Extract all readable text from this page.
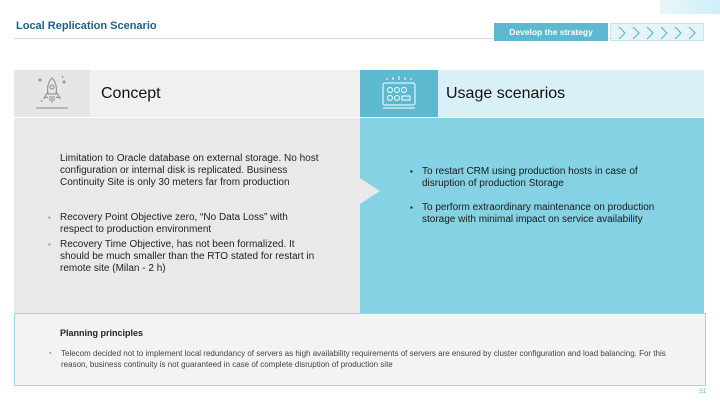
Local Replication Scenario	Develop the strategy
Concept
Limitation to Oracle database on external storage. No host configuration or internal disk is replicated. Business Continuity Site is only 30 meters far from production
▪ Recovery Point Objective zero, “No Data Loss” with respect to production environment
▪ Recovery Time Objective, has not been formalized. It should be much smaller than the RTO stated for restart in remote site (Milan - 2 h)
Usage scenarios
▪ To restart CRM using production hosts in case of disruption of production Storage
▪ To perform extraordinary maintenance on production storage with minimal impact on service availability
Planning principles
▪ Telecom decided not to implement local redundancy of servers as high availability requirements of servers are ensured by cluster configuration and load balancing. For this reason, business continuity is not guaranteed in case of complete disruption of production site
51
